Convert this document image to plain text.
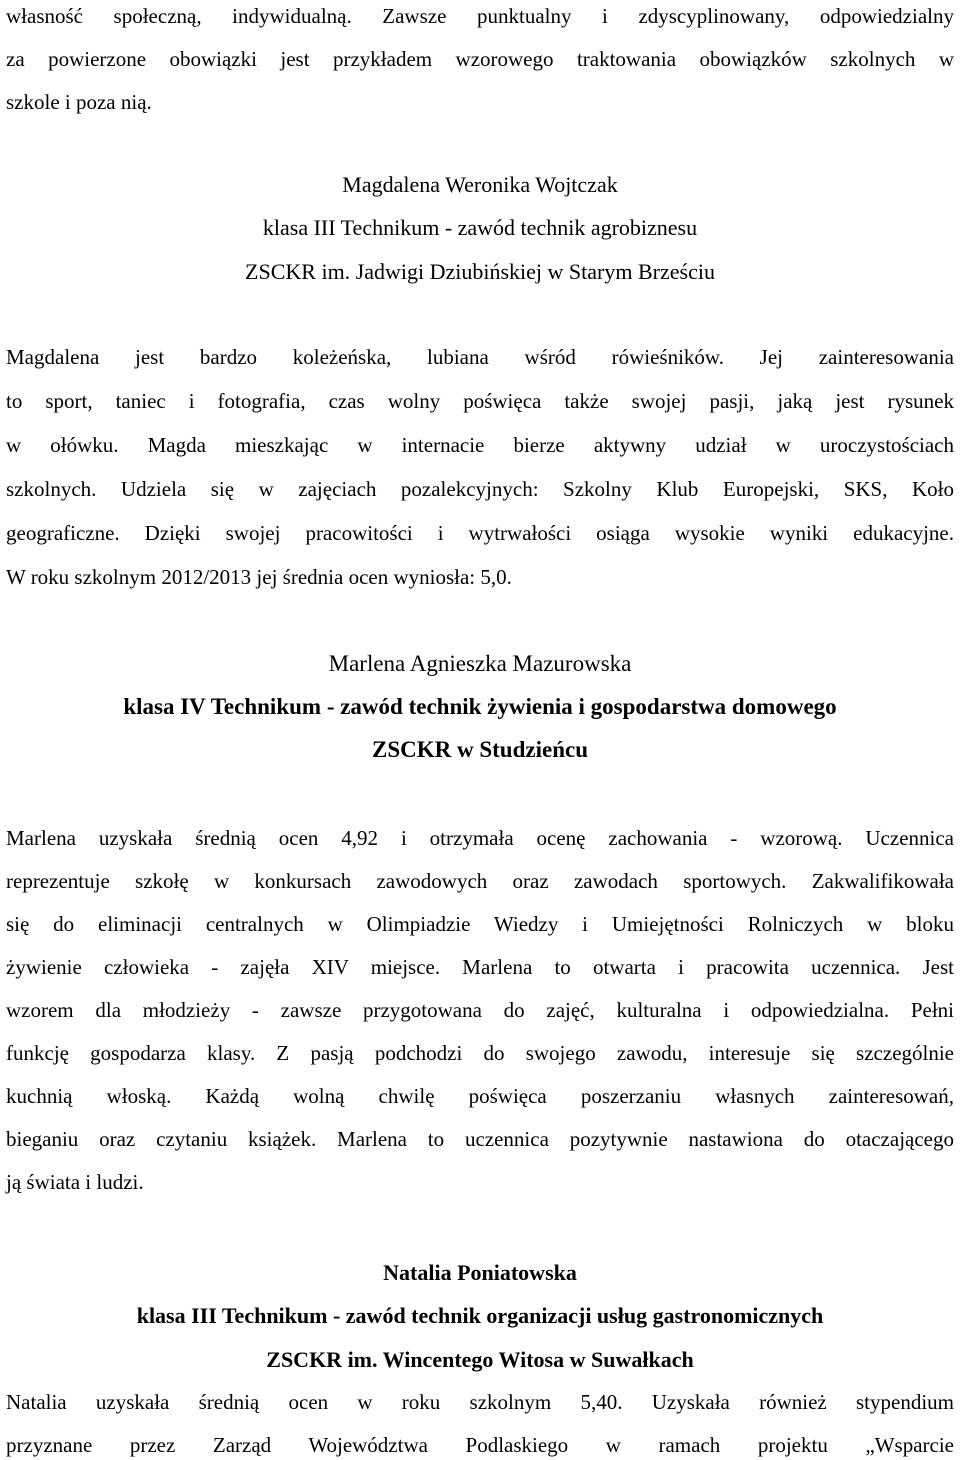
własność społeczną, indywidualną. Zawsze punktualny i zdyscyplinowany, odpowiedzialny
za powierzone obowiązki jest przykładem wzorowego traktowania obowiązków szkolnych w
szkole i poza nią.
Magdalena Weronika Wojtczak
klasa III Technikum - zawód technik agrobiznesu
ZSCKR im. Jadwigi Dziubińskiej w Starym Brześciu
Magdalena jest bardzo koleżeńska, lubiana wśród rówieśników. Jej zainteresowania
to sport, taniec i fotografia, czas wolny poświęca także swojej pasji, jaką jest rysunek
w ołówku. Magda mieszkając w internacie bierze aktywny udział w uroczystościach
szkolnych. Udziela się w zajęciach pozalekcyjnych: Szkolny Klub Europejski, SKS, Koło
geograficzne. Dzięki swojej pracowitości i wytrwałości osiąga wysokie wyniki edukacyjne.
W roku szkolnym 2012/2013 jej średnia ocen wyniosła: 5,0.
Marlena Agnieszka Mazurowska
klasa IV Technikum - zawód technik żywienia i gospodarstwa domowego
ZSCKR w Studzieńcu
Marlena uzyskała średnią ocen 4,92 i otrzymała ocenę zachowania - wzorową. Uczennica
reprezentuje szkołę w konkursach zawodowych oraz zawodach sportowych. Zakwalifikowała
się do eliminacji centralnych w Olimpiadzie Wiedzy i Umiejętności Rolniczych w bloku
żywienie człowieka - zajęła XIV miejsce. Marlena to otwarta i pracowita uczennica. Jest
wzorem dla młodzieży - zawsze przygotowana do zajęć, kulturalna i odpowiedzialna. Pełni
funkcję gospodarza klasy. Z pasją podchodzi do swojego zawodu, interesuje się szczególnie
kuchnią włoską. Każdą wolną chwilę poświęca poszerzaniu własnych zainteresowań,
bieganiu oraz czytaniu książek. Marlena to uczennica pozytywnie nastawiona do otaczającego
ją świata i ludzi.
Natalia Poniatowska
klasa III Technikum - zawód technik organizacji usług gastronomicznych
ZSCKR im. Wincentego Witosa w Suwałkach
Natalia uzyskała średnią ocen w roku szkolnym 5,40. Uzyskała również stypendium
przyznane przez Zarząd Województwa Podlaskiego w ramach projektu „Wsparcie
